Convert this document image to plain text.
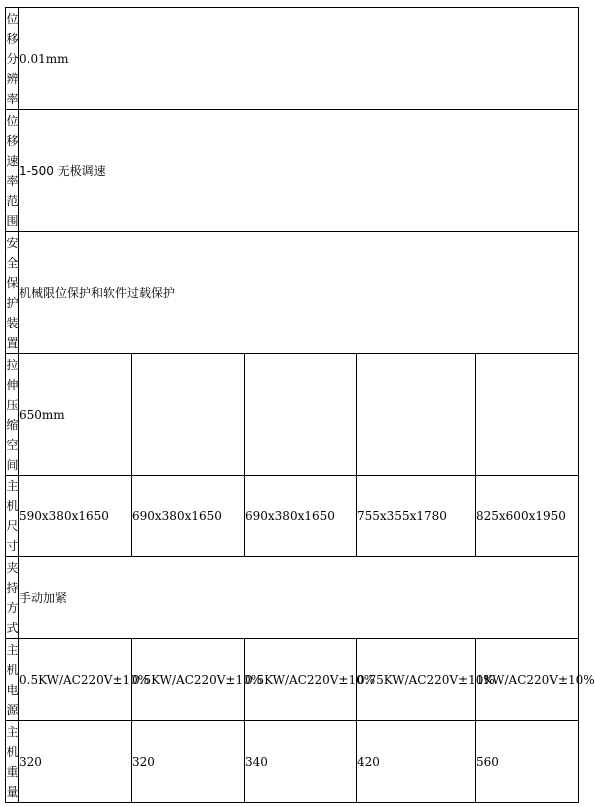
位移分辨率	0.01mm				

位移速率范围	1-500 无极调速				

安全保护装置	机械限位保护和软件过载保护				

拉伸压缩空间	650mm				

主机尺寸	590x380x1650	690x380x1650	690x380x1650	755x355x1780	825x600x1950

夹持方式	手动加紧				

主机电源	0.5KW/AC220V±10%	0.5KW/AC220V±10%	0.5KW/AC220V±10%	0.75KW/AC220V±10%	1KW/AC220V±10%

主机重量	320	320	340	420	560
